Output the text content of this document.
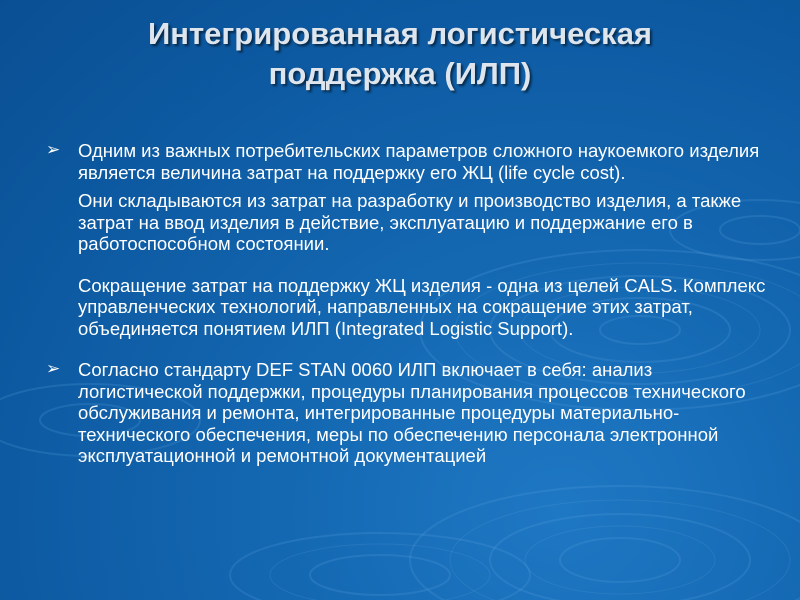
Интегрированная логистическая
поддержка (ИЛП)
➢ Одним из важных потребительских параметров сложного наукоемкого изделия является величина затрат на поддержку его ЖЦ (life cycle cost).

Они складываются из затрат на разработку и производство изделия, а также затрат на ввод изделия в действие, эксплуатацию и поддержание его в работоспособном состоянии.

Сокращение затрат на поддержку ЖЦ изделия - одна из целей CALS. Комплекс управленческих технологий, направленных на сокращение этих затрат, объединяется понятием ИЛП (Integrated Logistic Support).

➢ Согласно стандарту DEF STAN 0060 ИЛП включает в себя: анализ логистической поддержки, процедуры планирования процессов технического обслуживания и ремонта, интегрированные процедуры материально-технического обеспечения, меры по обеспечению персонала электронной эксплуатационной и ремонтной документацией
